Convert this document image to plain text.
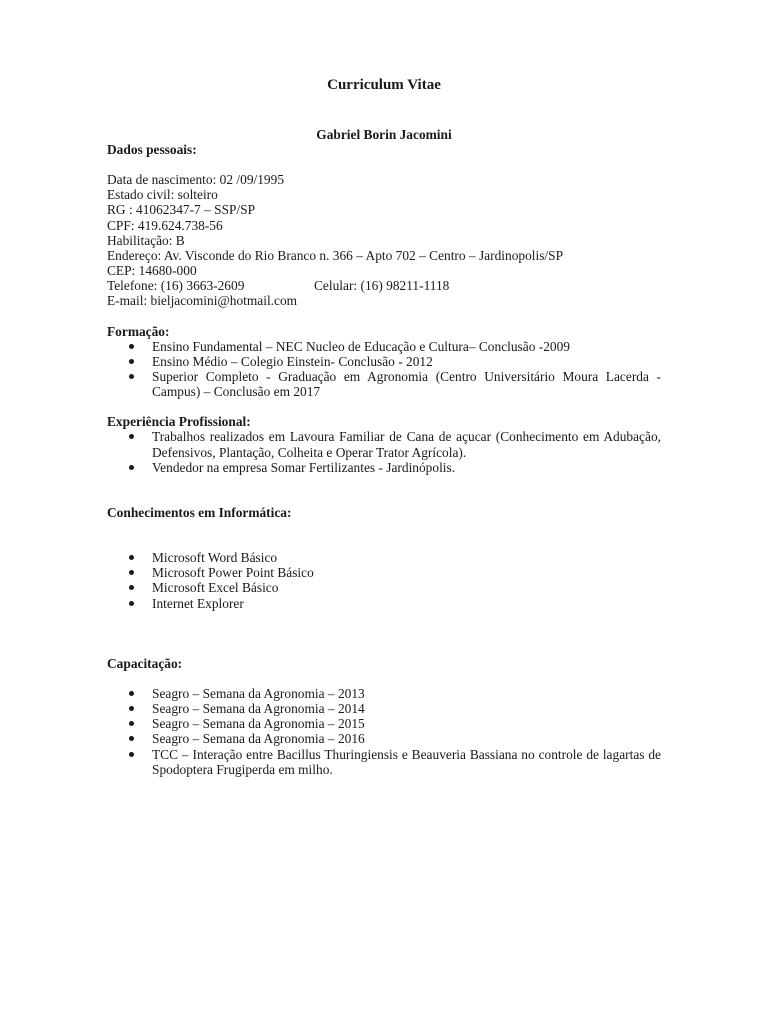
Curriculum Vitae
Gabriel Borin Jacomini
Dados pessoais:
Data de nascimento: 02 /09/1995
Estado civil: solteiro
RG : 41062347-7 – SSP/SP
CPF: 419.624.738-56
Habilitação: B
Endereço: Av. Visconde do Rio Branco n. 366 – Apto 702 – Centro – Jardinopolis/SP
CEP: 14680-000
Telefone: (16) 3663-2609	Celular: (16) 98211-1118
E-mail: bieljacomini@hotmail.com
Formação:
Ensino Fundamental – NEC Nucleo de Educação e Cultura– Conclusão -2009
Ensino Médio – Colegio Einstein- Conclusão - 2012
Superior Completo - Graduação em Agronomia (Centro Universitário Moura Lacerda - Campus) – Conclusão em 2017
Experiência Profissional:
Trabalhos realizados em Lavoura Familiar de Cana de açucar (Conhecimento em Adubação, Defensivos, Plantação, Colheita e Operar Trator Agrícola).
Vendedor na empresa Somar Fertilizantes - Jardinópolis.
Conhecimentos em Informática:
Microsoft Word Básico
Microsoft Power Point Básico
Microsoft Excel Básico
Internet Explorer
Capacitação:
Seagro – Semana da Agronomia – 2013
Seagro – Semana da Agronomia – 2014
Seagro – Semana da Agronomia – 2015
Seagro – Semana da Agronomia – 2016
TCC – Interação entre Bacillus Thuringiensis e Beauveria Bassiana no controle de lagartas de Spodoptera Frugiperda em milho.
